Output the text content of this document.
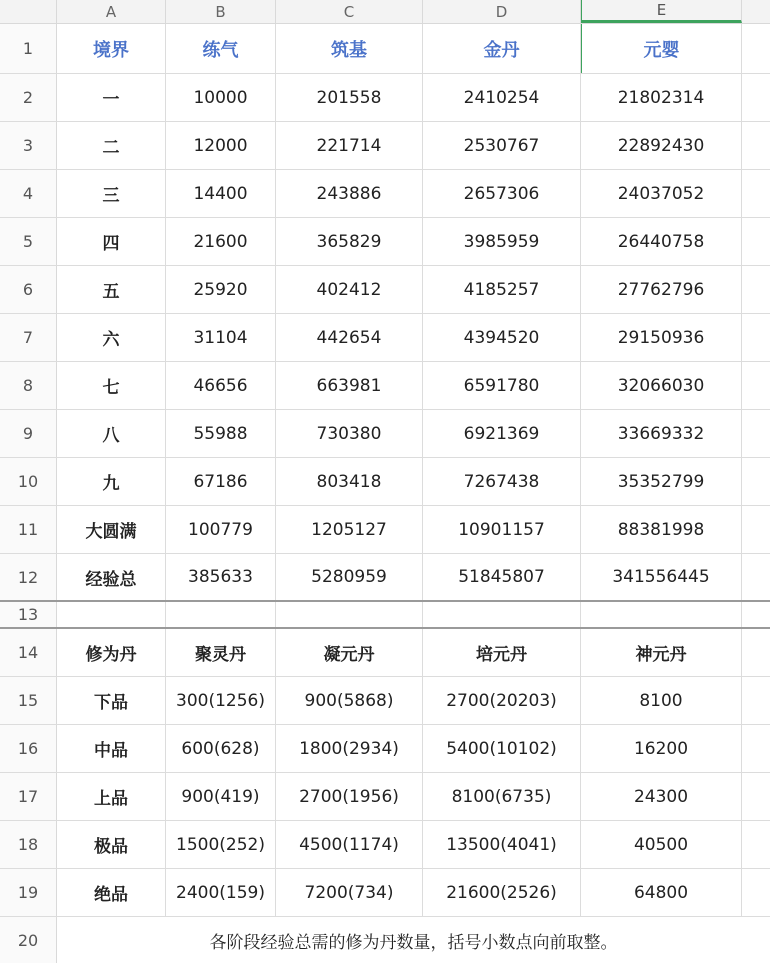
A	B	C	D	E
1	境界	练气	筑基	金丹	元婴
2	一	10000	201558	2410254	21802314
3	二	12000	221714	2530767	22892430
4	三	14400	243886	2657306	24037052
5	四	21600	365829	3985959	26440758
6	五	25920	402412	4185257	27762796
7	六	31104	442654	4394520	29150936
8	七	46656	663981	6591780	32066030
9	八	55988	730380	6921369	33669332
10	九	67186	803418	7267438	35352799
11	大圆满	100779	1205127	10901157	88381998
12	经验总	385633	5280959	51845807	341556445
13
14	修为丹	聚灵丹	凝元丹	培元丹	神元丹
15	下品	300(1256)	900(5868)	2700(20203)	8100
16	中品	600(628)	1800(2934)	5400(10102)	16200
17	上品	900(419)	2700(1956)	8100(6735)	24300
18	极品	1500(252)	4500(1174)	13500(4041)	40500
19	绝品	2400(159)	7200(734)	21600(2526)	64800
20	各阶段经验总需的修为丹数量，括号小数点向前取整。
